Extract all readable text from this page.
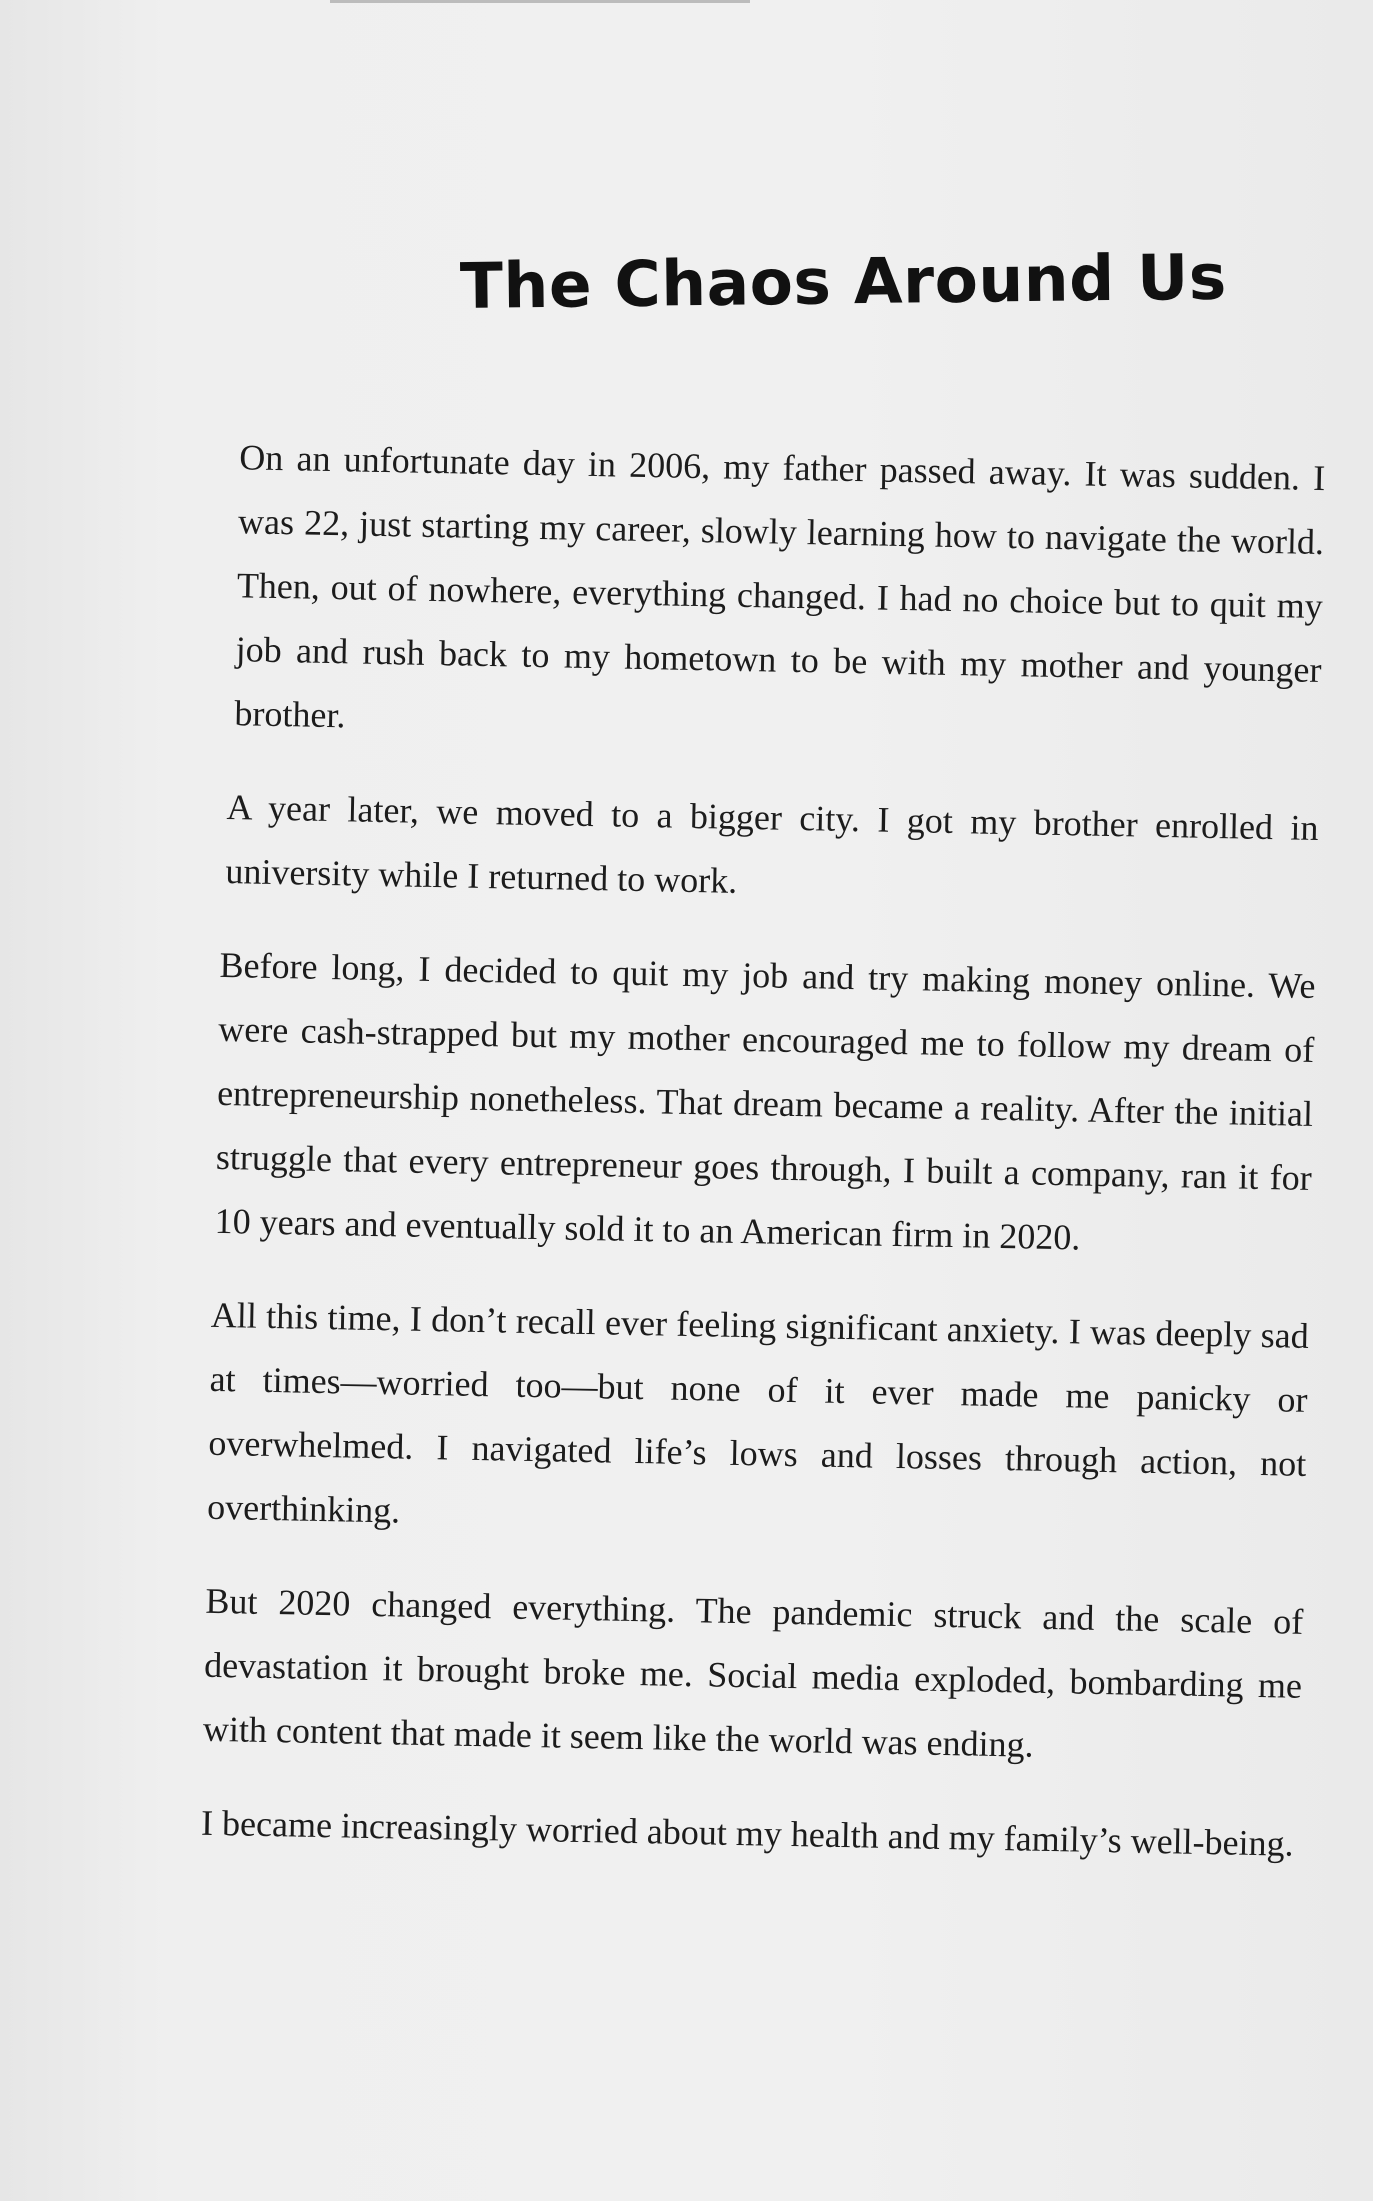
The Chaos Around Us

On an unfortunate day in 2006, my father passed away. It was sudden. I was 22, just starting my career, slowly learning how to navigate the world. Then, out of nowhere, everything changed. I had no choice but to quit my job and rush back to my hometown to be with my mother and younger brother.

A year later, we moved to a bigger city. I got my brother enrolled in university while I returned to work.

Before long, I decided to quit my job and try making money online. We were cash-strapped but my mother encouraged me to follow my dream of entrepreneurship nonetheless. That dream became a reality. After the initial struggle that every entrepreneur goes through, I built a company, ran it for 10 years and eventually sold it to an American firm in 2020.

All this time, I don’t recall ever feeling significant anxiety. I was deeply sad at times—worried too—but none of it ever made me panicky or overwhelmed. I navigated life’s lows and losses through action, not overthinking.

But 2020 changed everything. The pandemic struck and the scale of devastation it brought broke me. Social media exploded, bombarding me with content that made it seem like the world was ending.

I became increasingly worried about my health and my family’s well-being.
